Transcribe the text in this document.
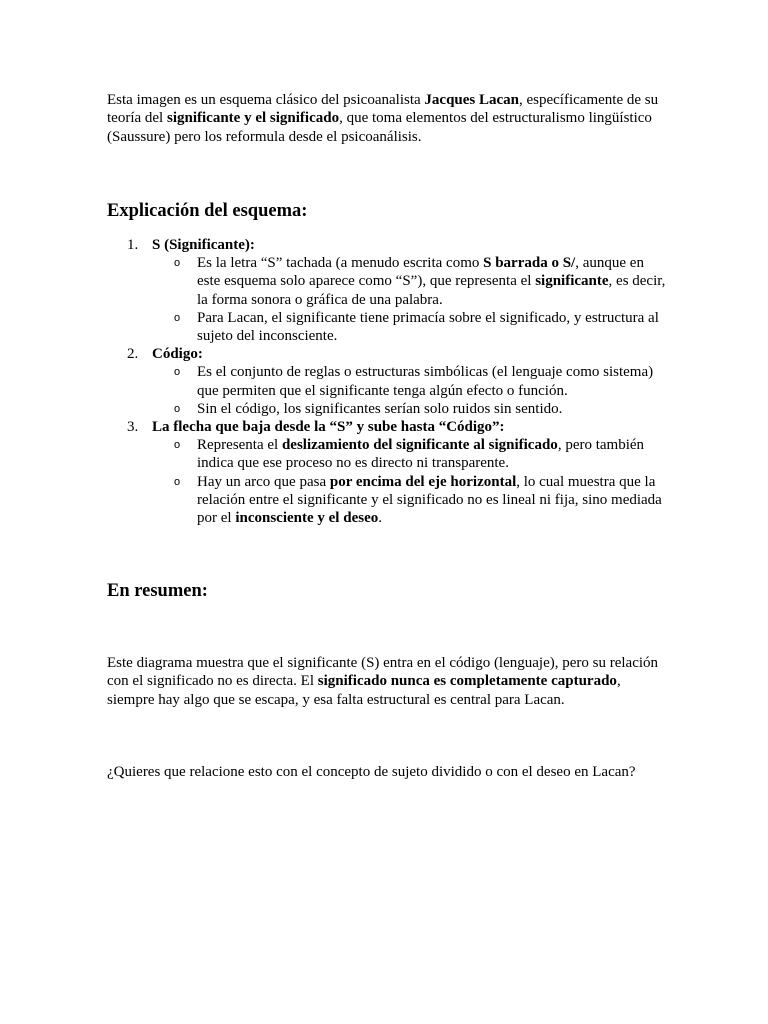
Esta imagen es un esquema clásico del psicoanalista Jacques Lacan, específicamente de su teoría del significante y el significado, que toma elementos del estructuralismo lingüístico (Saussure) pero los reformula desde el psicoanálisis.

Explicación del esquema:
1. S (Significante):
o Es la letra “S” tachada (a menudo escrita como S barrada o S/, aunque en este esquema solo aparece como “S”), que representa el significante, es decir, la forma sonora o gráfica de una palabra.
o Para Lacan, el significante tiene primacía sobre el significado, y estructura al sujeto del inconsciente.
2. Código:
o Es el conjunto de reglas o estructuras simbólicas (el lenguaje como sistema) que permiten que el significante tenga algún efecto o función.
o Sin el código, los significantes serían solo ruidos sin sentido.
3. La flecha que baja desde la “S” y sube hasta “Código”:
o Representa el deslizamiento del significante al significado, pero también indica que ese proceso no es directo ni transparente.
o Hay un arco que pasa por encima del eje horizontal, lo cual muestra que la relación entre el significante y el significado no es lineal ni fija, sino mediada por el inconsciente y el deseo.
En resumen:

Este diagrama muestra que el significante (S) entra en el código (lenguaje), pero su relación con el significado no es directa. El significado nunca es completamente capturado, siempre hay algo que se escapa, y esa falta estructural es central para Lacan.

¿Quieres que relacione esto con el concepto de sujeto dividido o con el deseo en Lacan?
